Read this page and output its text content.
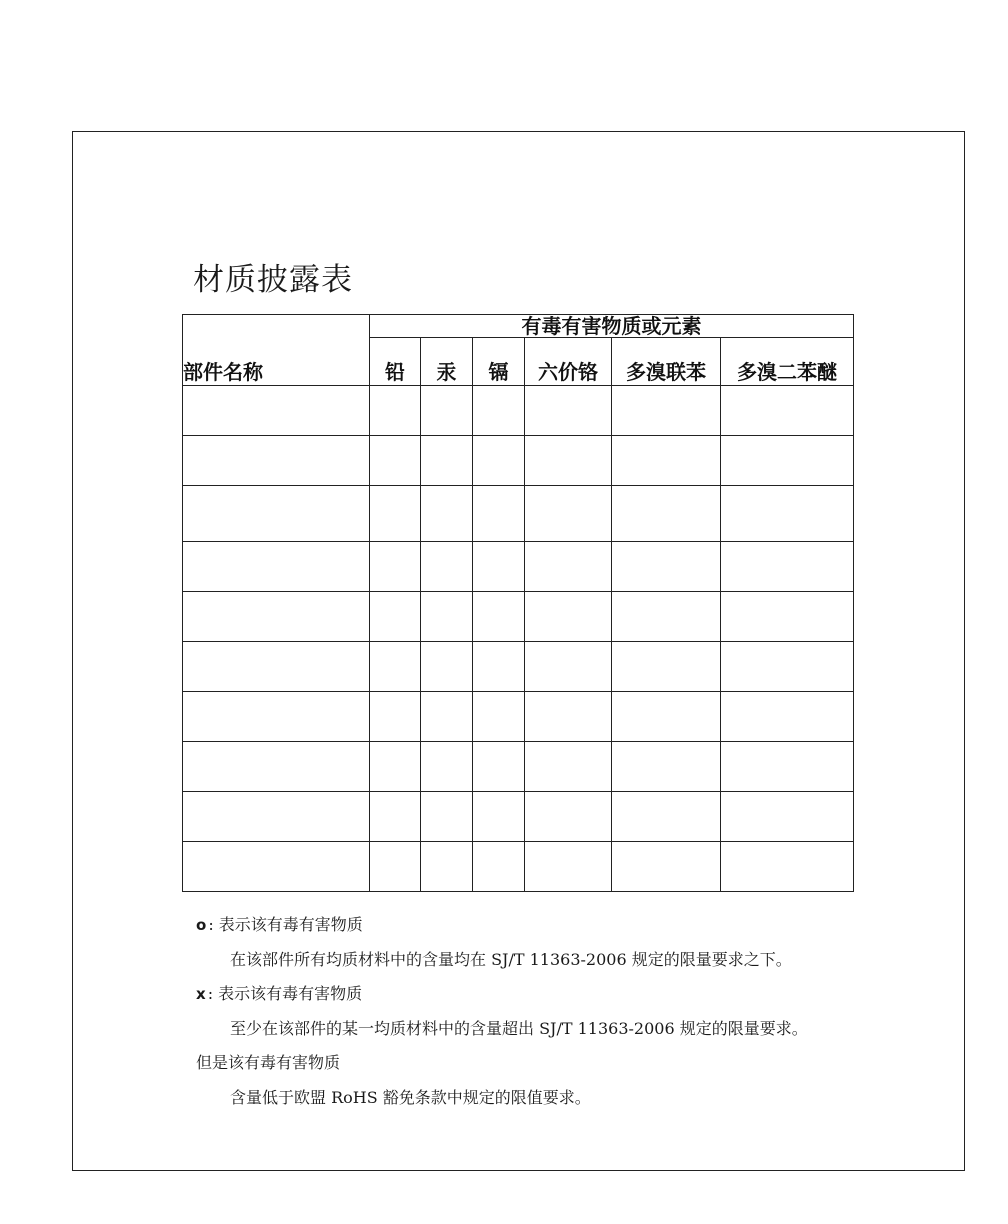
材质披露表
部件名称	有毒有害物质或元素					
	铅	汞	镉	六价铬	多溴联苯	多溴二苯醚

o : 表示该有毒有害物质
在该部件所有均质材料中的含量均在 SJ/T 11363-2006 规定的限量要求之下。
x : 表示该有毒有害物质
至少在该部件的某一均质材料中的含量超出 SJ/T 11363-2006 规定的限量要求。
但是该有毒有害物质
含量低于欧盟 RoHS 豁免条款中规定的限值要求。
